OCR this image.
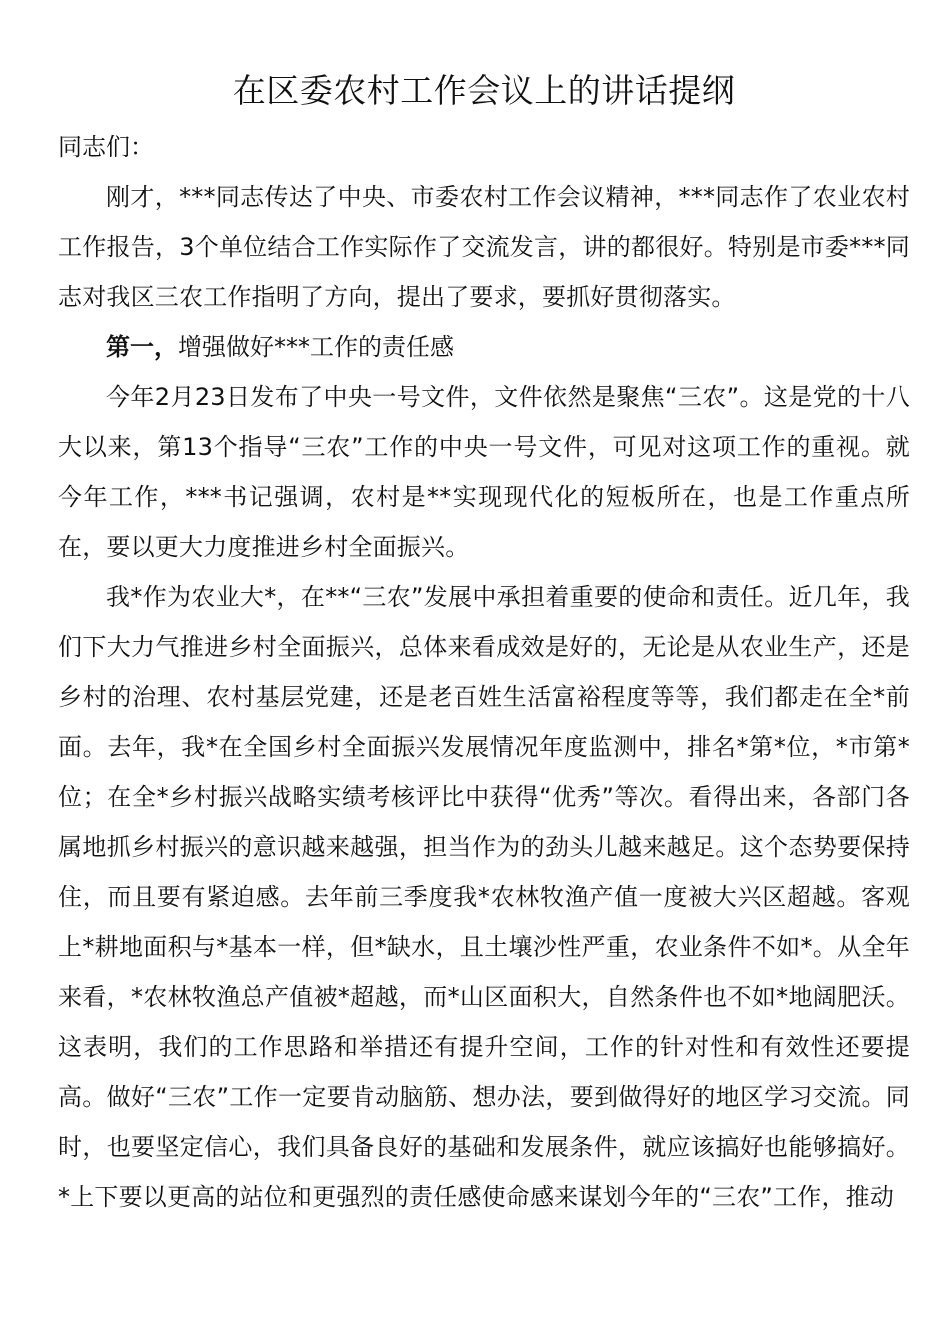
在区委农村工作会议上的讲话提纲

同志们：

刚才，***同志传达了中央、市委农村工作会议精神，***同志作了农业农村工作报告，3个单位结合工作实际作了交流发言，讲的都很好。特别是市委***同志对我区三农工作指明了方向，提出了要求，要抓好贯彻落实。

第一，增强做好***工作的责任感

今年2月23日发布了中央一号文件，文件依然是聚焦“三农”。这是党的十八大以来，第13个指导“三农”工作的中央一号文件，可见对这项工作的重视。就今年工作，***书记强调，农村是**实现现代化的短板所在，也是工作重点所在，要以更大力度推进乡村全面振兴。

我*作为农业大*，在**“三农”发展中承担着重要的使命和责任。近几年，我们下大力气推进乡村全面振兴，总体来看成效是好的，无论是从农业生产，还是乡村的治理、农村基层党建，还是老百姓生活富裕程度等等，我们都走在全*前面。去年，我*在全国乡村全面振兴发展情况年度监测中，排名*第*位，*市第*位；在全*乡村振兴战略实绩考核评比中获得“优秀”等次。看得出来，各部门各属地抓乡村振兴的意识越来越强，担当作为的劲头儿越来越足。这个态势要保持住，而且要有紧迫感。去年前三季度我*农林牧渔产值一度被大兴区超越。客观上*耕地面积与*基本一样，但*缺水，且土壤沙性严重，农业条件不如*。从全年来看，*农林牧渔总产值被*超越，而*山区面积大，自然条件也不如*地阔肥沃。这表明，我们的工作思路和举措还有提升空间，工作的针对性和有效性还要提高。做好“三农”工作一定要肯动脑筋、想办法，要到做得好的地区学习交流。同时，也要坚定信心，我们具备良好的基础和发展条件，就应该搞好也能够搞好。*上下要以更高的站位和更强烈的责任感使命感来谋划今年的“三农”工作，推动
